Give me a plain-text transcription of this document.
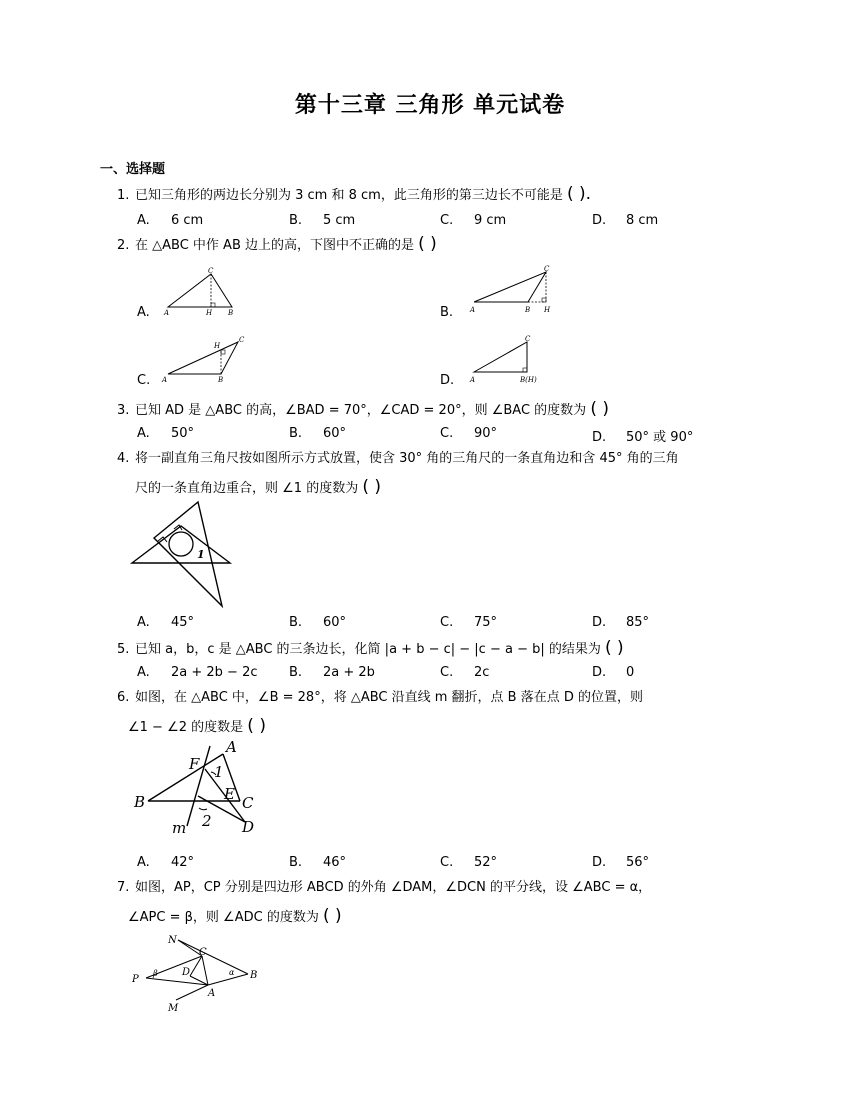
第十三章 三角形 单元试卷
一、选择题
1. 已知三角形的两边长分别为 3 cm 和 8 cm，此三角形的第三边长不可能是 ( ).
A. 6 cm	B. 5 cm	C. 9 cm	D. 8 cm
2. 在 △ABC 中作 AB 边上的高，下图中不正确的是 ( )
A.	B.
C.	D.
A	H B
C
A	B H
C
A	B
H
C
A	B(H)
C
3. 已知 AD 是 △ABC 的高，∠BAD = 70°，∠CAD = 20°，则 ∠BAC 的度数为 ( )
A. 50°	B. 60°	C. 90°	D. 50° 或 90°
4. 将一副直角三角尺按如图所示方式放置，使含 30° 角的三角尺的一条直角边和含 45° 角的三角
尺的一条直角边重合，则 ∠1 的度数为 ( )
1
A. 45°	B. 60°	C. 75°	D. 85°
5. 已知 a，b，c 是 △ABC 的三条边长，化简 |a + b − c| − |c − a − b| 的结果为 ( )
A. 2a + 2b − 2c B. 2a + 2b	C. 2c	D. 0
6. 如图，在 △ABC 中，∠B = 28°，将 △ABC 沿直线 m 翻折，点 B 落在点 D 的位置，则
∠1 − ∠2 的度数是 ( )
A
B	C
D
E
F 1
2
m
A. 42°	B. 46°	C. 52°	D. 56°
7. 如图，AP，CP 分别是四边形 ABCD 的外角 ∠DAM，∠DCN 的平分线，设 ∠ABC = α，
∠APC = β，则 ∠ADC 的度数为 ( )
N
C
D	B
A
M
P
α
β
